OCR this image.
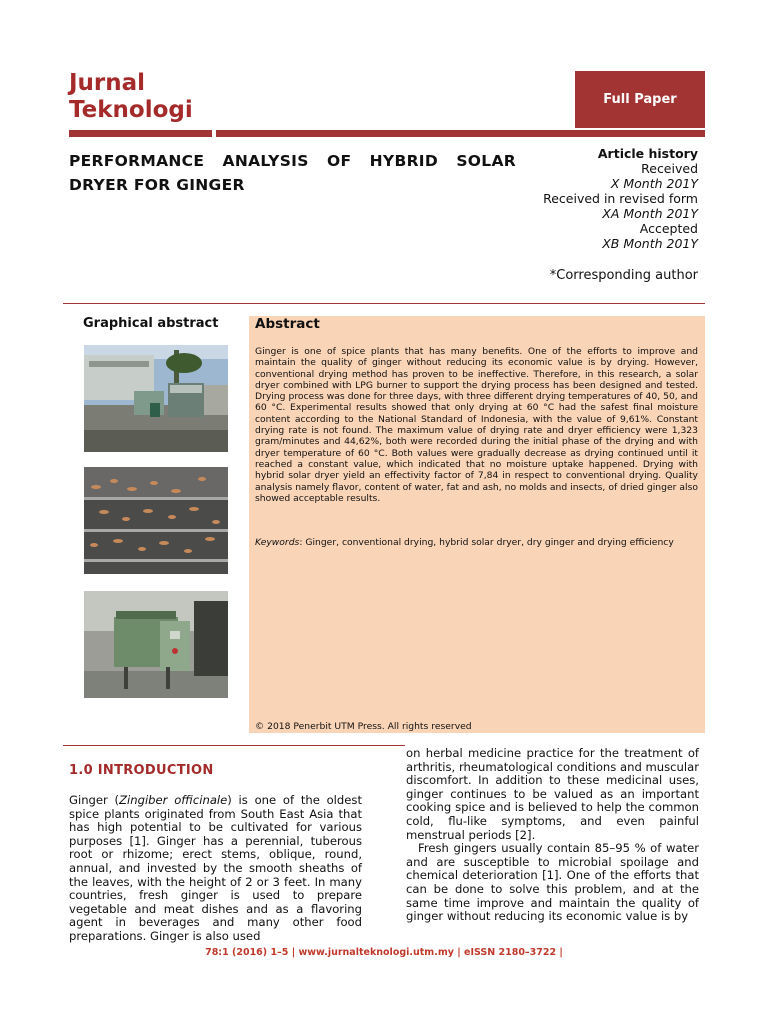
Jurnal
Teknologi	Full Paper
PERFORMANCE ANALYSIS OF HYBRID SOLAR DRYER FOR GINGER
Article history
Received
X Month 201Y
Received in revised form
XA Month 201Y
Accepted
XB Month 201Y
*Corresponding author
Graphical abstract	Abstract
Ginger is one of spice plants that has many benefits. One of the efforts to improve and maintain the quality of ginger without reducing its economic value is by drying. However, conventional drying method has proven to be ineffective. Therefore, in this research, a solar dryer combined with LPG burner to support the drying process has been designed and tested. Drying process was done for three days, with three different drying temperatures of 40, 50, and 60 °C. Experimental results showed that only drying at 60 °C had the safest final moisture content according to the National Standard of Indonesia, with the value of 9,61%. Constant drying rate is not found. The maximum value of drying rate and dryer efficiency were 1,323 gram/minutes and 44,62%, both were recorded during the initial phase of the drying and with dryer temperature of 60 °C. Both values were gradually decrease as drying continued until it reached a constant value, which indicated that no moisture uptake happened. Drying with hybrid solar dryer yield an effectivity factor of 7,84 in respect to conventional drying. Quality analysis namely flavor, content of water, fat and ash, no molds and insects, of dried ginger also showed acceptable results.
Keywords: Ginger, conventional drying, hybrid solar dryer, dry ginger and drying efficiency
© 2018 Penerbit UTM Press. All rights reserved
1.0 INTRODUCTION

Ginger (Zingiber officinale) is one of the oldest spice plants originated from South East Asia that has high potential to be cultivated for various purposes [1]. Ginger has a perennial, tuberous root or rhizome; erect stems, oblique, round, annual, and invested by the smooth sheaths of the leaves, with the height of 2 or 3 feet. In many countries, fresh ginger is used to prepare vegetable and meat dishes and as a flavoring agent in beverages and many other food preparations. Ginger is also used

on herbal medicine practice for the treatment of arthritis, rheumatological conditions and muscular discomfort. In addition to these medicinal uses, ginger continues to be valued as an important cooking spice and is believed to help the common cold, flu-like symptoms, and even painful menstrual periods [2].

Fresh gingers usually contain 85–95 % of water and are susceptible to microbial spoilage and chemical deterioration [1]. One of the efforts that can be done to solve this problem, and at the same time improve and maintain the quality of ginger without reducing its economic value is by

78:1 (2016) 1–5 | www.jurnalteknologi.utm.my | eISSN 2180–3722 |
